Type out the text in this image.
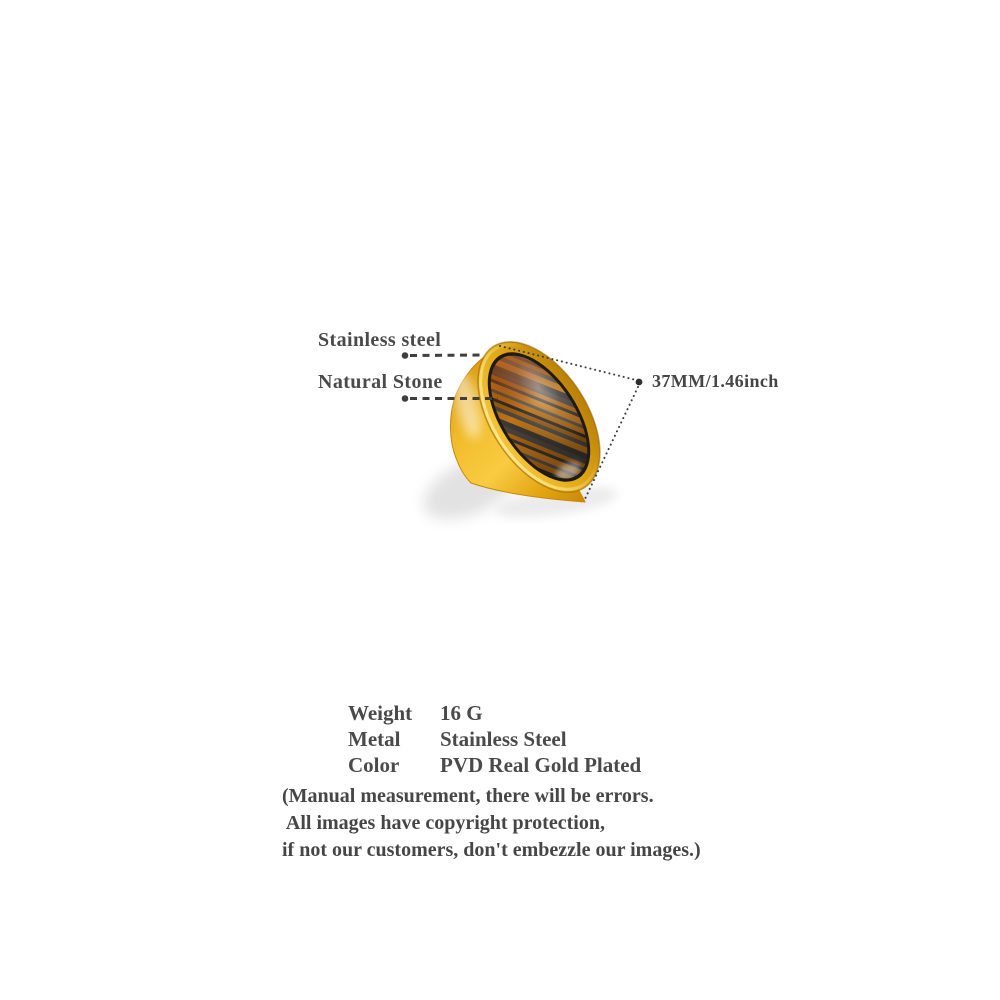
Stainless steel
Natural Stone	37MM/1.46inch
Weight	16 G
Metal	Stainless Steel
Color	PVD Real Gold Plated
(Manual measurement, there will be errors.
All images have copyright protection,
if not our customers, don't embezzle our images.)
